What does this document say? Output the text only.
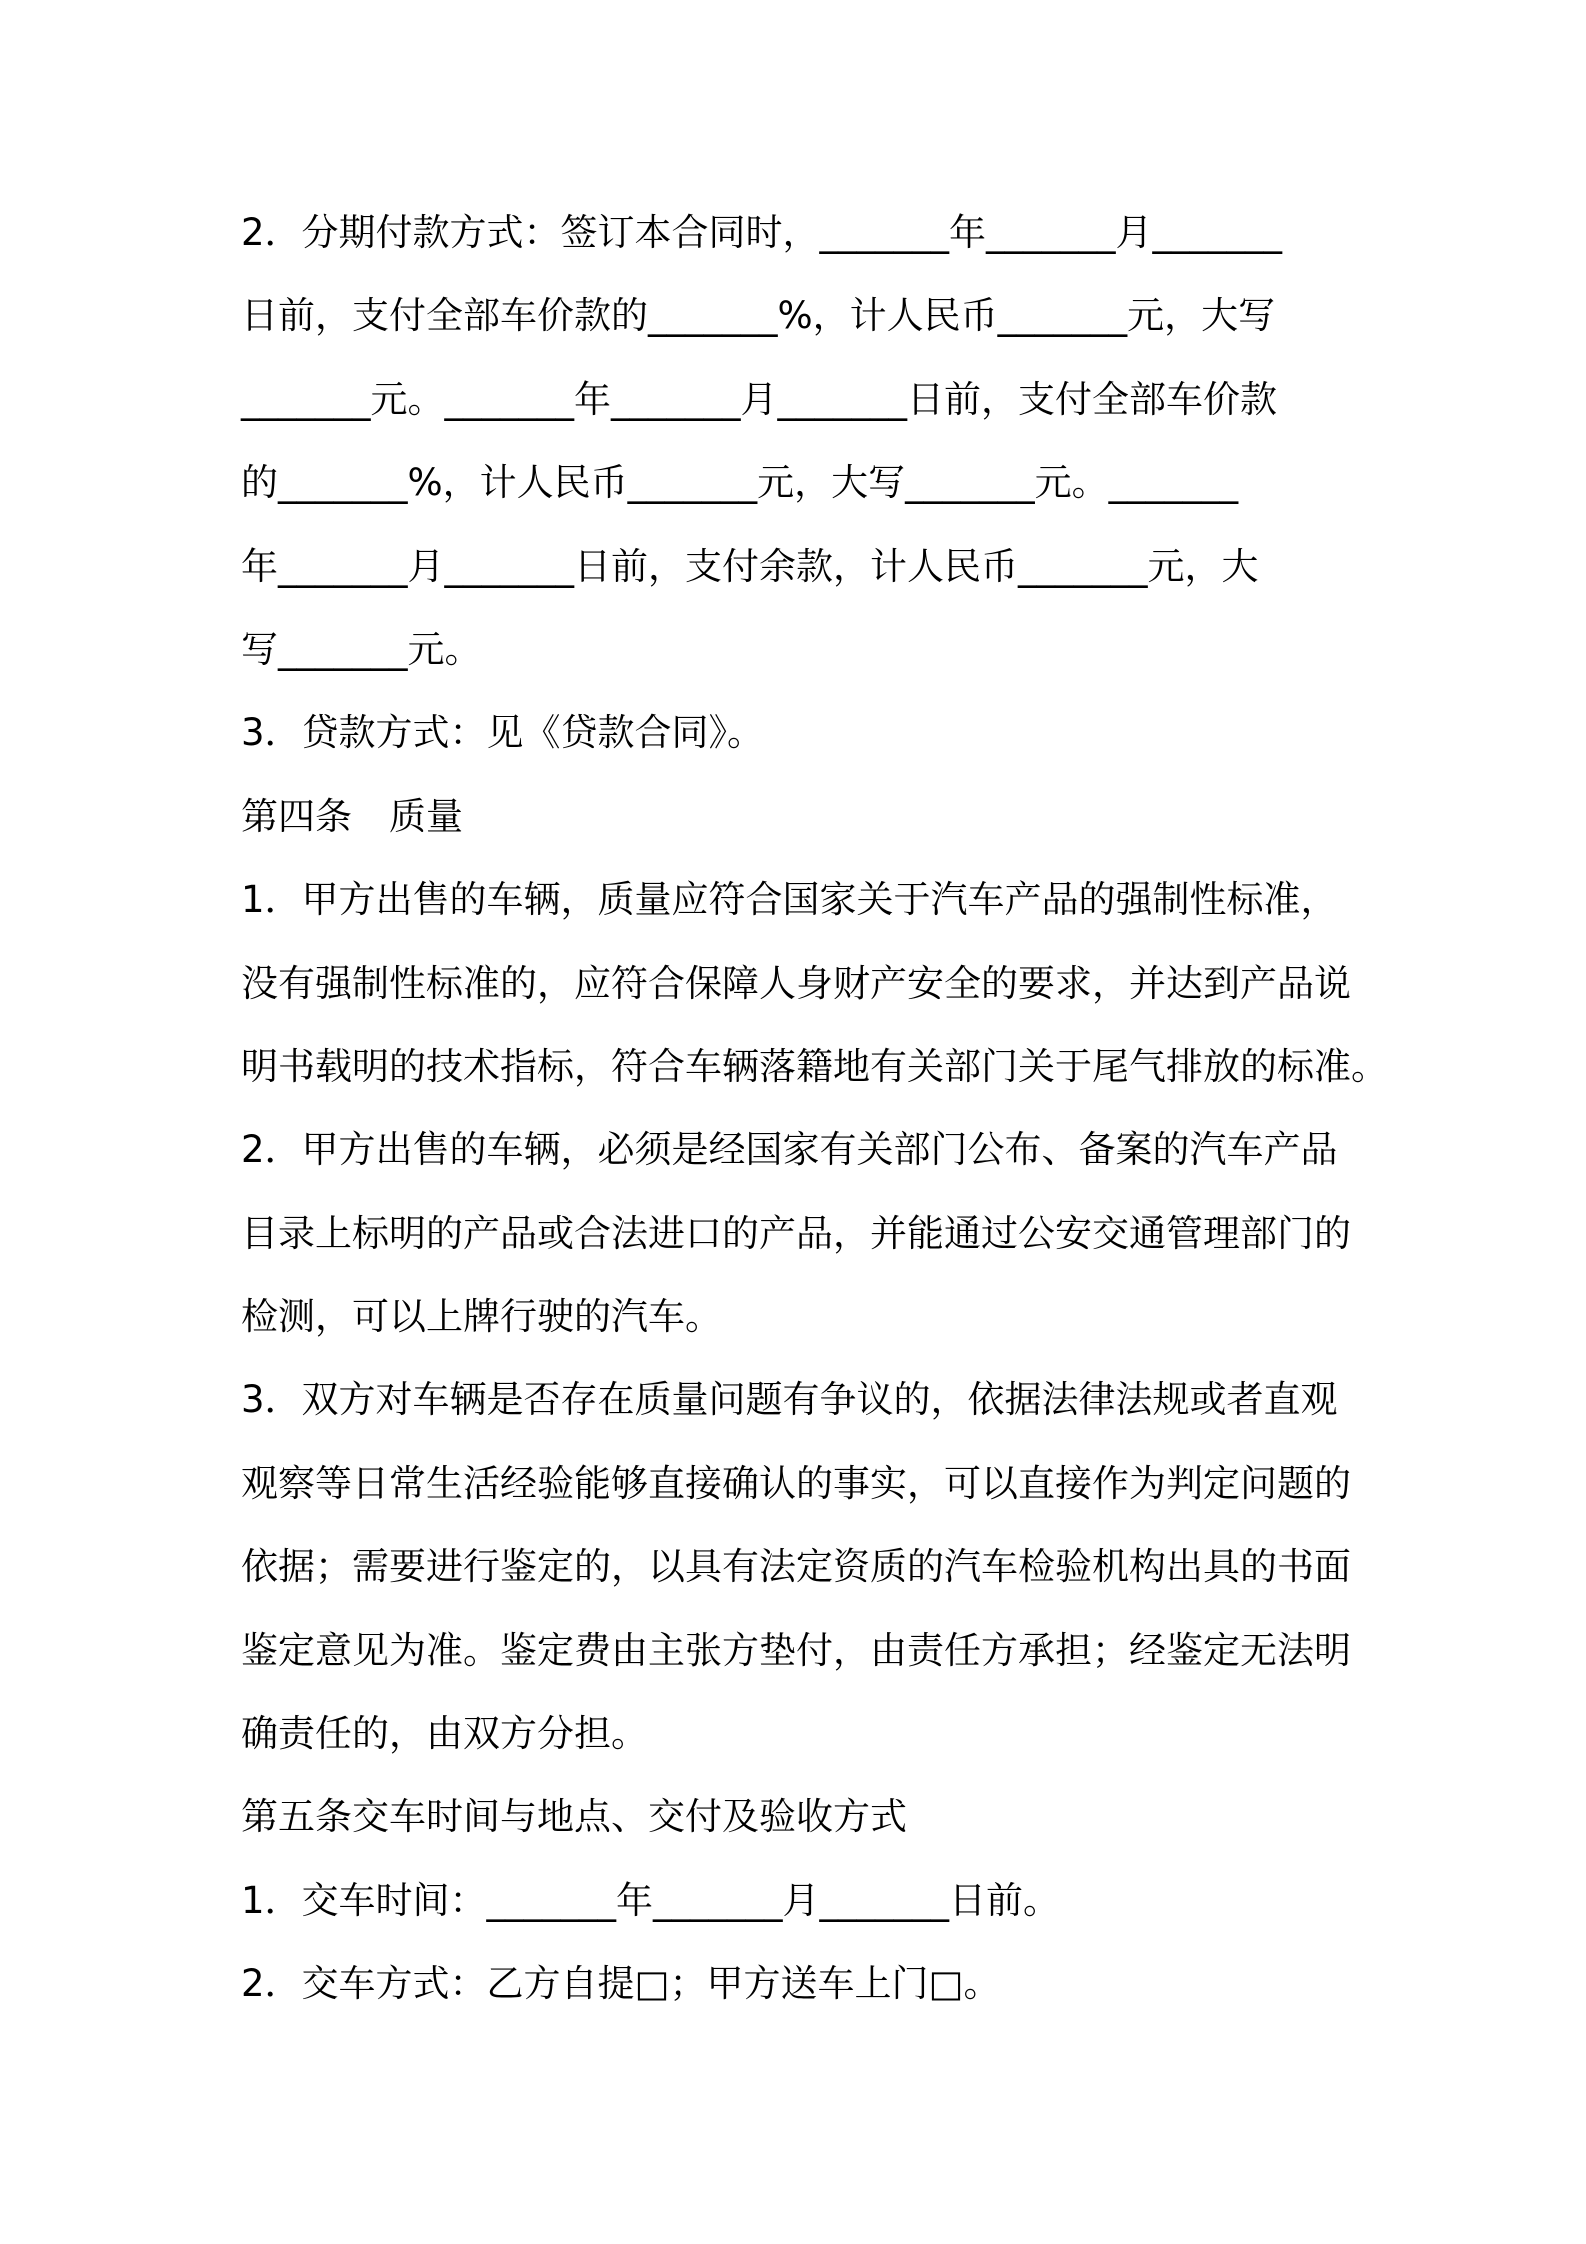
2．分期付款方式：签订本合同时，_______年_______月_______
日前，支付全部车价款的_______%，计人民币_______元，大写
_______元。_______年_______月_______日前，支付全部车价款
的_______%，计人民币_______元，大写_______元。_______
年_______月_______日前，支付余款，计人民币_______元，大
写_______元。
3．贷款方式：见《贷款合同》。
第四条　质量
1．甲方出售的车辆，质量应符合国家关于汽车产品的强制性标准，
没有强制性标准的，应符合保障人身财产安全的要求，并达到产品说
明书载明的技术指标，符合车辆落籍地有关部门关于尾气排放的标准。
2．甲方出售的车辆，必须是经国家有关部门公布、备案的汽车产品
目录上标明的产品或合法进口的产品，并能通过公安交通管理部门的
检测，可以上牌行驶的汽车。
3．双方对车辆是否存在质量问题有争议的，依据法律法规或者直观
观察等日常生活经验能够直接确认的事实，可以直接作为判定问题的
依据；需要进行鉴定的，以具有法定资质的汽车检验机构出具的书面
鉴定意见为准。鉴定费由主张方垫付，由责任方承担；经鉴定无法明
确责任的，由双方分担。
第五条交车时间与地点、交付及验收方式
1．交车时间：_______年_______月_______日前。
2．交车方式：乙方自提□；甲方送车上门□。
